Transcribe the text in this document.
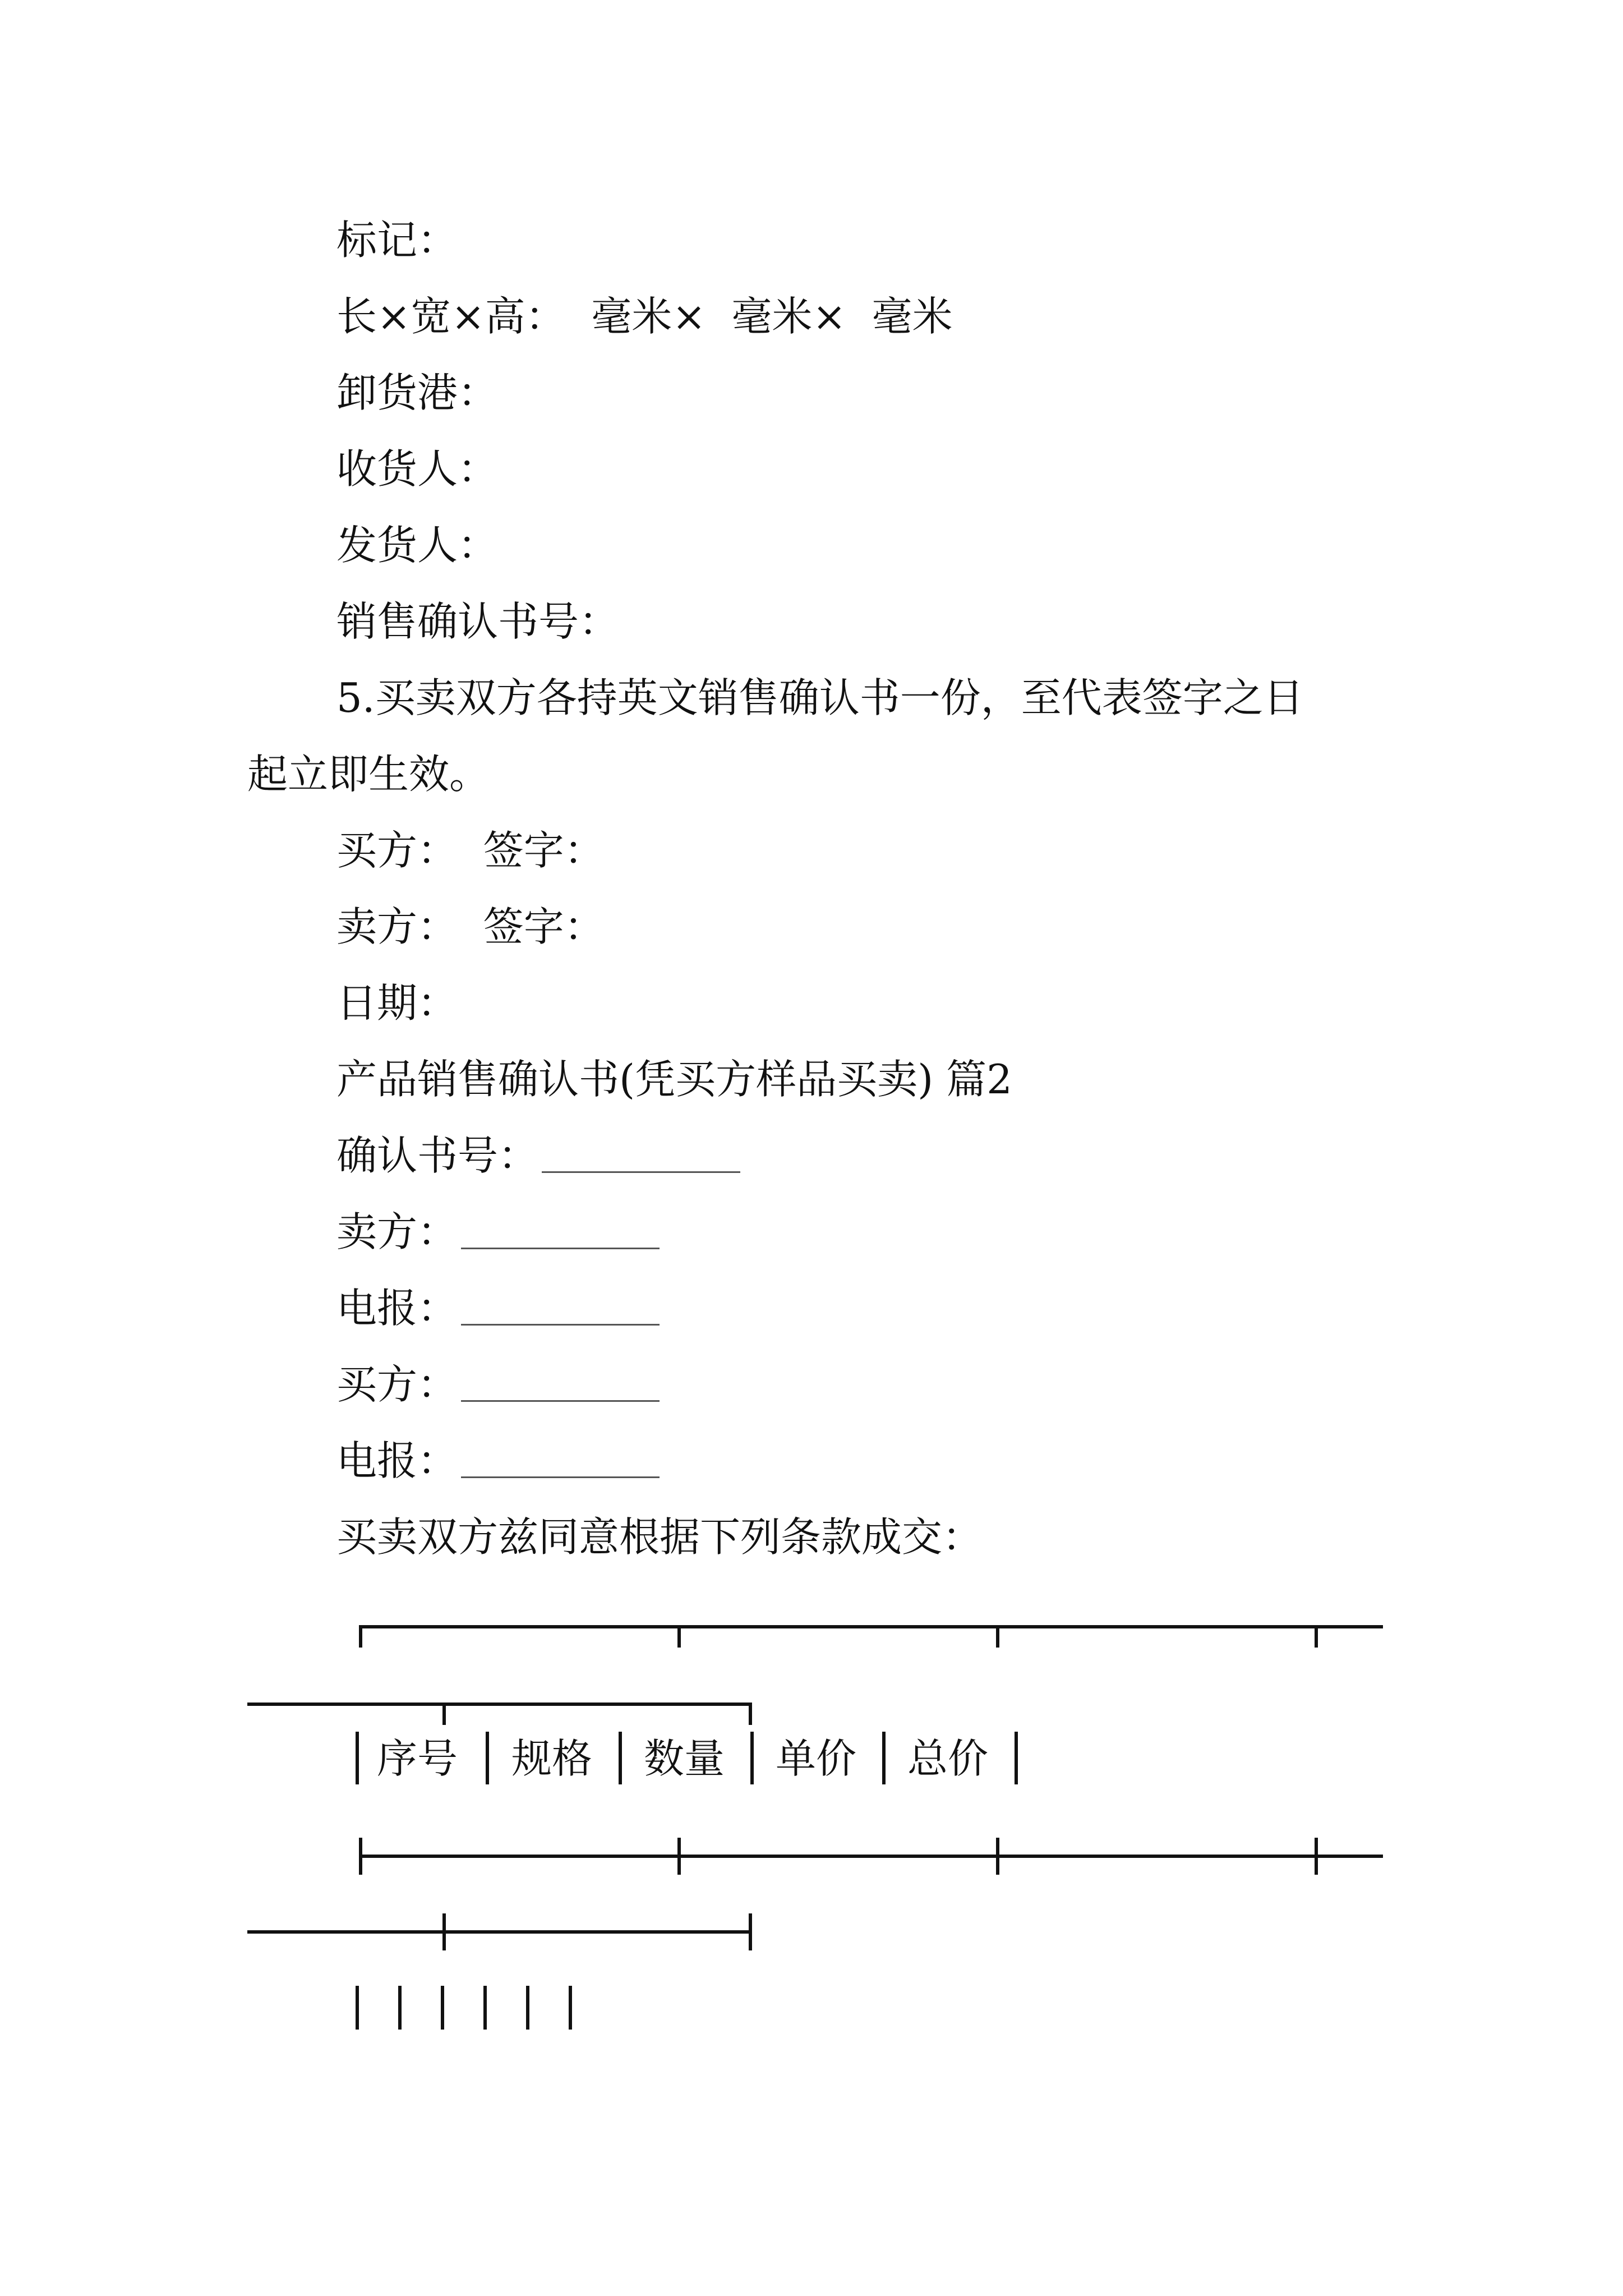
标记：

长×宽×高：  毫米×  毫米×  毫米

卸货港：

收货人：

发货人：

销售确认书号：

5.买卖双方各持英文销售确认书一份，至代表签字之日

起立即生效。

买方：  签字：

卖方：  签字：

日期：

产品销售确认书(凭买方样品买卖) 篇2

确认书号：

卖方：

电报：

买方：

电报：

买卖双方兹同意根据下列条款成交：

序号 规格 数量 单价 总价
